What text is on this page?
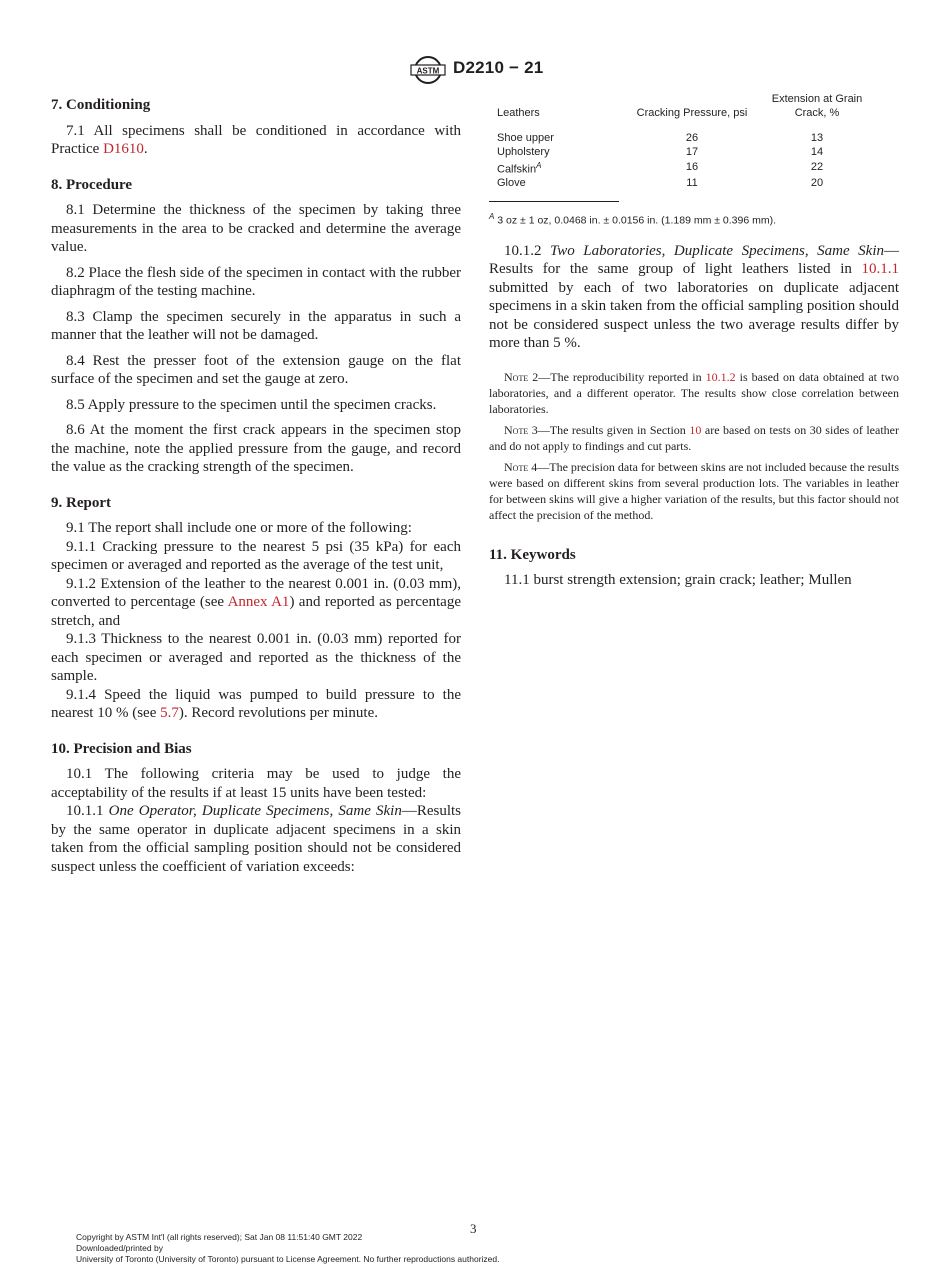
ASTM D2210 − 21
7. Conditioning

7.1 All specimens shall be conditioned in accordance with Practice D1610.

8. Procedure

8.1 Determine the thickness of the specimen by taking three measurements in the area to be cracked and determine the average value.

8.2 Place the flesh side of the specimen in contact with the rubber diaphragm of the testing machine.

8.3 Clamp the specimen securely in the apparatus in such a manner that the leather will not be damaged.

8.4 Rest the presser foot of the extension gauge on the flat surface of the specimen and set the gauge at zero.

8.5 Apply pressure to the specimen until the specimen cracks.

8.6 At the moment the first crack appears in the specimen stop the machine, note the applied pressure from the gauge, and record the value as the cracking strength of the specimen.

9. Report

9.1 The report shall include one or more of the following:

9.1.1 Cracking pressure to the nearest 5 psi (35 kPa) for each specimen or averaged and reported as the average of the test unit,

9.1.2 Extension of the leather to the nearest 0.001 in. (0.03 mm), converted to percentage (see Annex A1) and reported as percentage stretch, and

9.1.3 Thickness to the nearest 0.001 in. (0.03 mm) reported for each specimen or averaged and reported as the thickness of the sample.

9.1.4 Speed the liquid was pumped to build pressure to the nearest 10 % (see 5.7). Record revolutions per minute.

10. Precision and Bias

10.1 The following criteria may be used to judge the acceptability of the results if at least 15 units have been tested:

10.1.1 One Operator, Duplicate Specimens, Same Skin—Results by the same operator in duplicate adjacent specimens in a skin taken from the official sampling position should not be considered suspect unless the coefficient of variation exceeds:

Leathers	Cracking Pressure, psi	Extension at Grain Crack, %
Shoe upper	26	13
Upholstery	17	14
Calfskin$^A$	16	22
Glove	11	20
$^A$ 3 oz ± 1 oz, 0.0468 in. ± 0.0156 in. (1.189 mm ± 0.396 mm).

10.1.2 Two Laboratories, Duplicate Specimens, Same Skin—Results for the same group of light leathers listed in 10.1.1 submitted by each of two laboratories on duplicate adjacent specimens in a skin taken from the official sampling position should not be considered suspect unless the two average results differ by more than 5 %.

Note 2—The reproducibility reported in 10.1.2 is based on data obtained at two laboratories, and a different operator. The results show close correlation between laboratories.
Note 3—The results given in Section 10 are based on tests on 30 sides of leather and do not apply to findings and cut parts.
Note 4—The precision data for between skins are not included because the results were based on different skins from several production lots. The variables in leather for between skins will give a higher variation of the results, but this factor should not affect the precision of the method.
11. Keywords

11.1 burst strength extension; grain crack; leather; Mullen

3
Copyright by ASTM Int'l (all rights reserved); Sat Jan 08 11:51:40 GMT 2022
Downloaded/printed by
University of Toronto (University of Toronto) pursuant to License Agreement. No further reproductions authorized.
